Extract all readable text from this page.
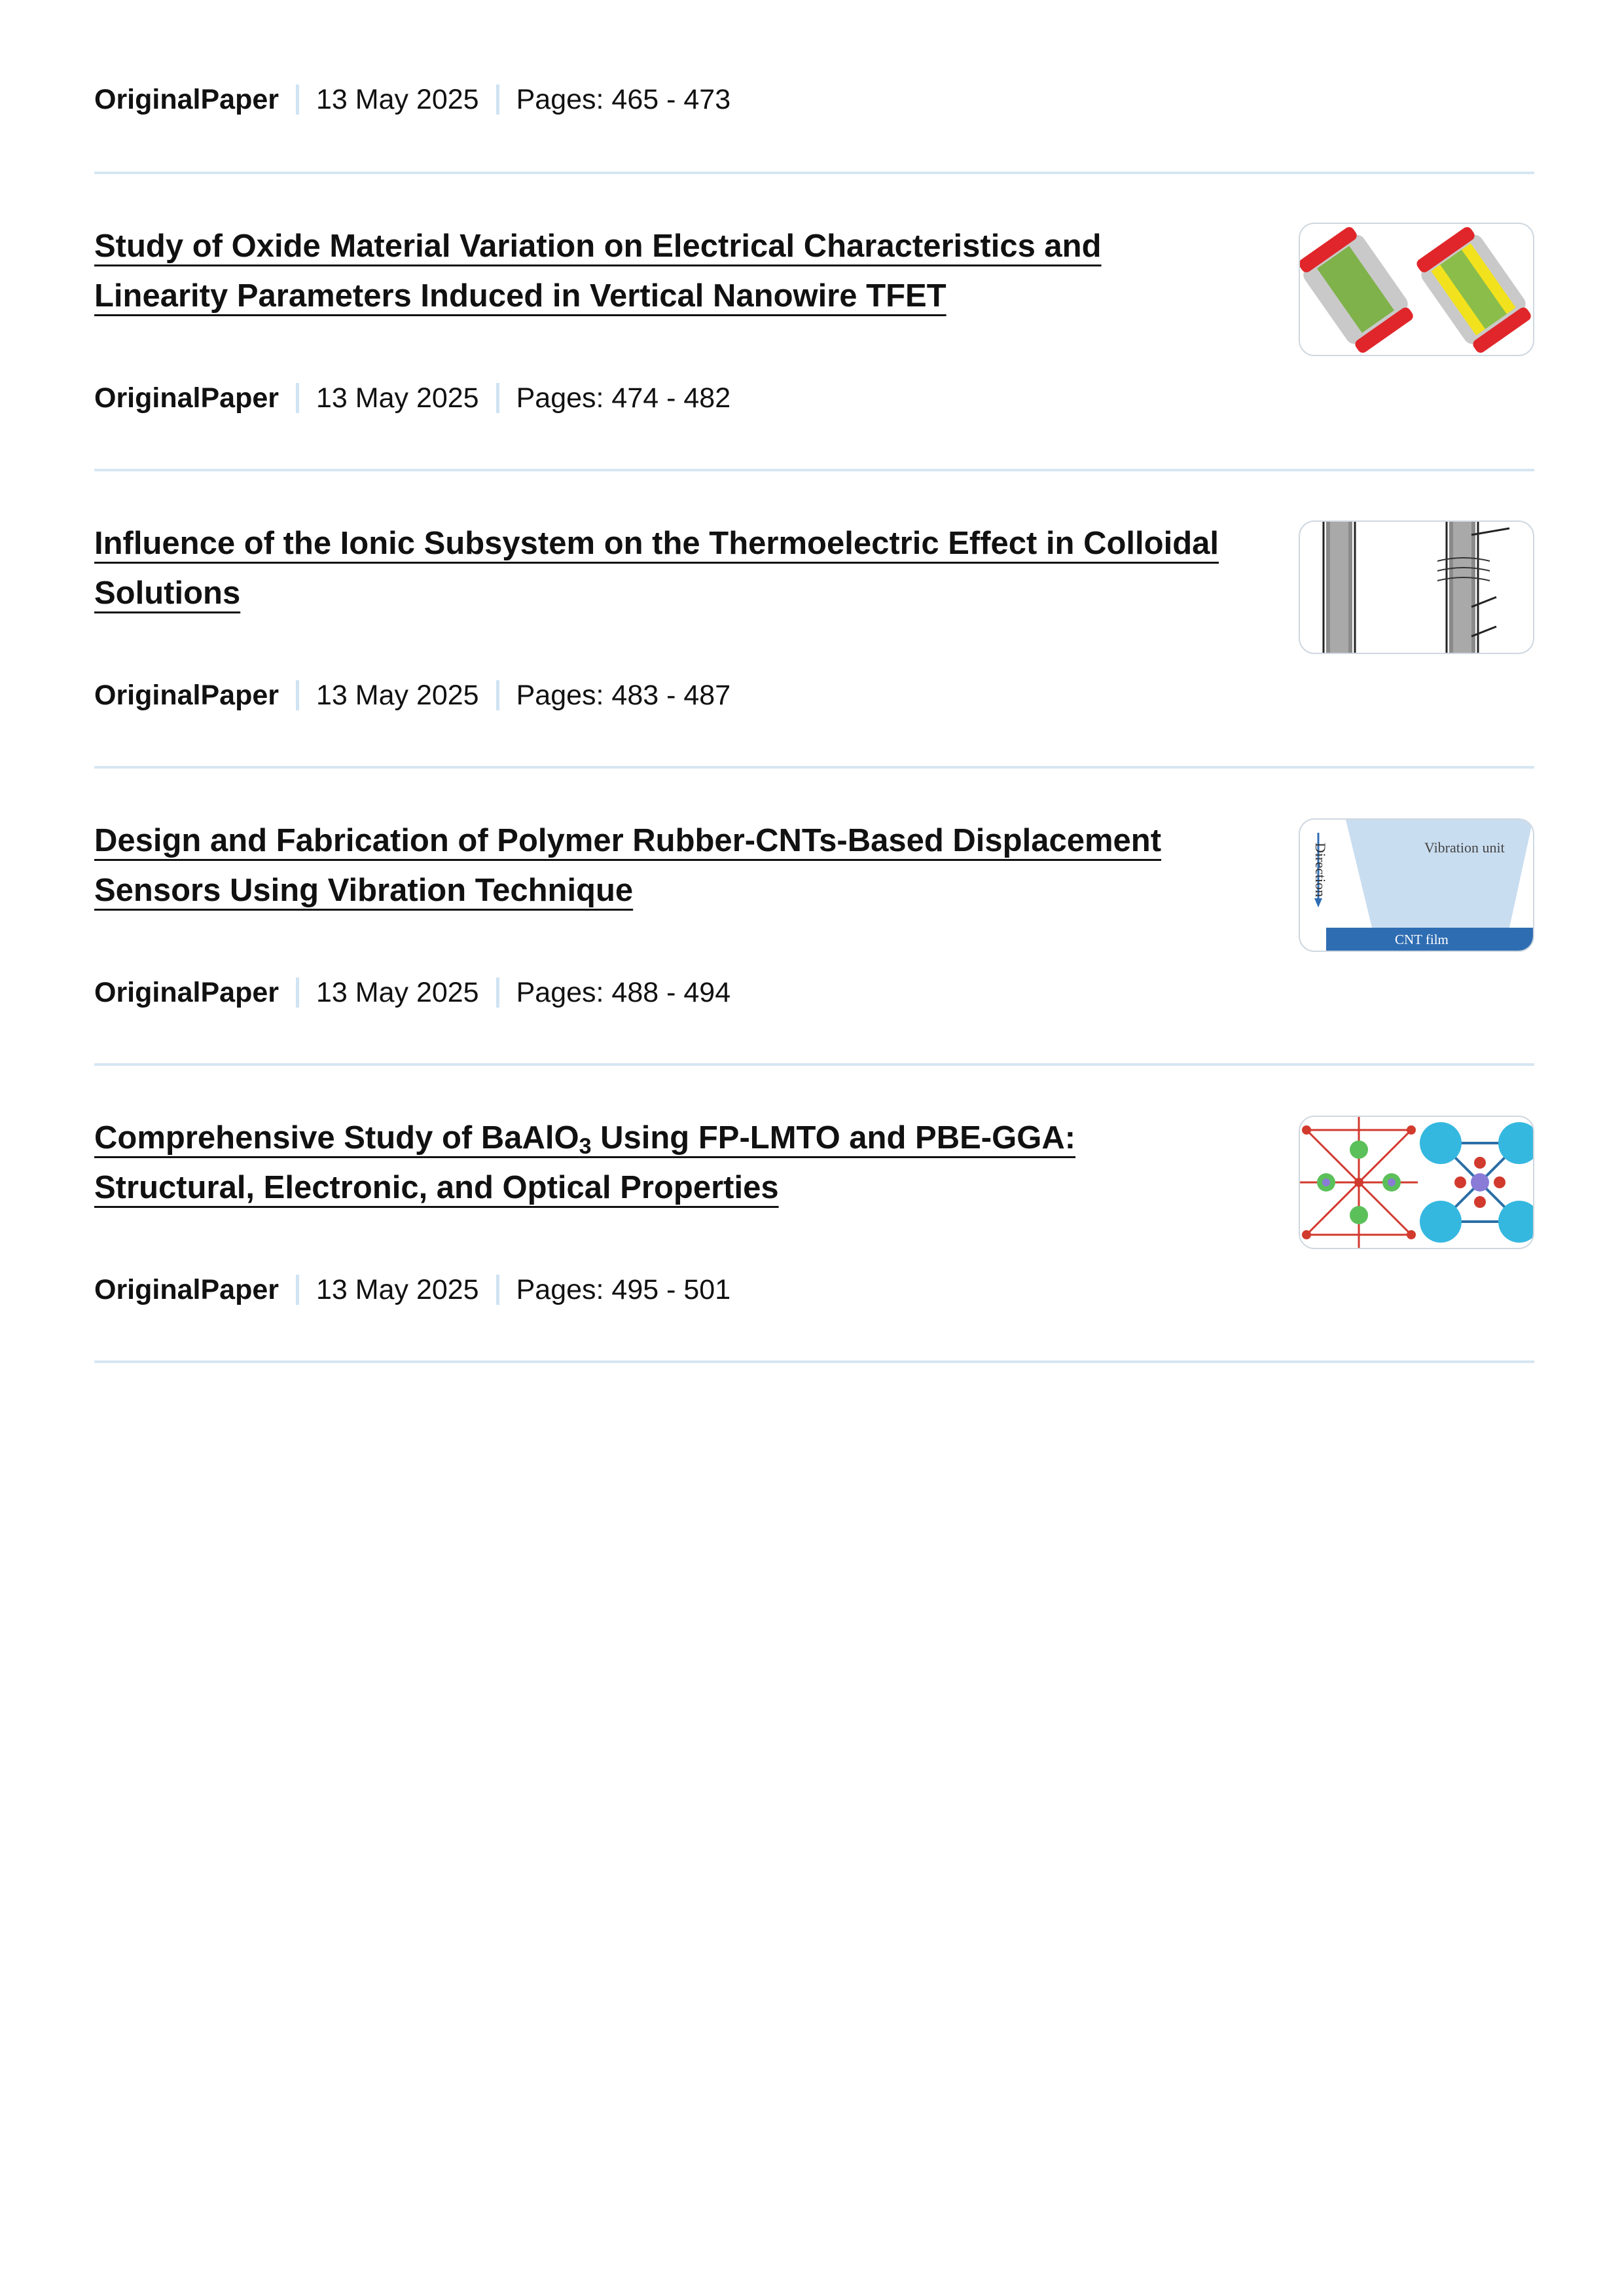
OriginalPaper 13 May 2025 Pages: 465 - 473
Study of Oxide Material Variation on Electrical Characteristics and Linearity Parameters Induced in Vertical Nanowire TFET
OriginalPaper 13 May 2025 Pages: 474 - 482
Influence of the Ionic Subsystem on the Thermoelectric Effect in Colloidal Solutions
OriginalPaper 13 May 2025 Pages: 483 - 487
Design and Fabrication of Polymer Rubber-CNTs-Based Displacement Sensors Using Vibration Technique	Direction	Vibration unit
CNT film
OriginalPaper 13 May 2025 Pages: 488 - 494
Comprehensive Study of BaAlO$_3$ Using FP-LMTO and PBE-GGA: Structural, Electronic, and Optical Properties
OriginalPaper 13 May 2025 Pages: 495 - 501
